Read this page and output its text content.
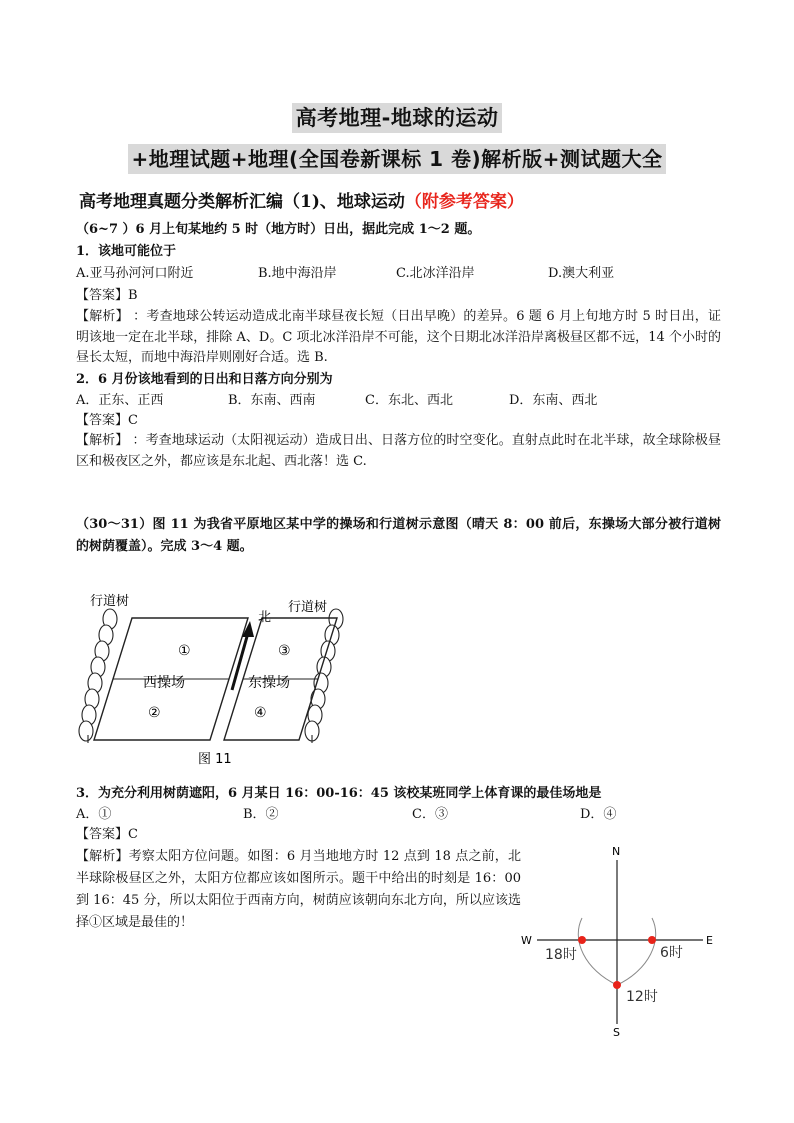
高考地理-地球的运动
+地理试题+地理(全国卷新课标 1 卷)解析版+测试题大全
高考地理真题分类解析汇编（1)、地球运动（附参考答案）
（6~7 ）6 月上旬某地约 5 时（地方时）日出，据此完成 1～2 题。
1．该地可能位于
A.亚马孙河河口附近	B.地中海沿岸	C.北冰洋沿岸	D.澳大利亚
【答案】B
【解析】 ：考查地球公转运动造成北南半球昼夜长短（日出早晚）的差异。6 题 6 月上旬地方时 5 时日出，证明该地一定在北半球，排除 A、D。C 项北冰洋沿岸不可能，这个日期北冰洋沿岸离极昼区都不远，14 个小时的昼长太短，而地中海沿岸则刚好合适。选 B.
2．6 月份该地看到的日出和日落方向分别为
A．正东、正西	B．东南、西南	C．东北、西北	D．东南、西北
【答案】C
【解析】 ：考查地球运动（太阳视运动）造成日出、日落方位的时空变化。直射点此时在北半球，故全球除极昼区和极夜区之外，都应该是东北起、西北落！选 C.
（30～31）图 11 为我省平原地区某中学的操场和行道树示意图（晴天 8：00 前后，东操场大部分被行道树的树荫覆盖）。完成 3～4 题。
北
行道树	行道树
①
西操场
②
③
东操场
④
图 11
3．为充分利用树荫遮阳，6 月某日 16：00-16：45 该校某班同学上体育课的最佳场地是
A．①	B．②	C．③	D．④
【答案】C
【解析】考察太阳方位问题。如图：6 月当地地方时 12 点到 18 点之前，北半球除极昼区之外，太阳方位都应该如图所示。题干中给出的时刻是 16：00 到 16：45 分，所以太阳位于西南方向，树荫应该朝向东北方向，所以应该选择①区域是最佳的！
N
S
W	E
18时	6时
12时
